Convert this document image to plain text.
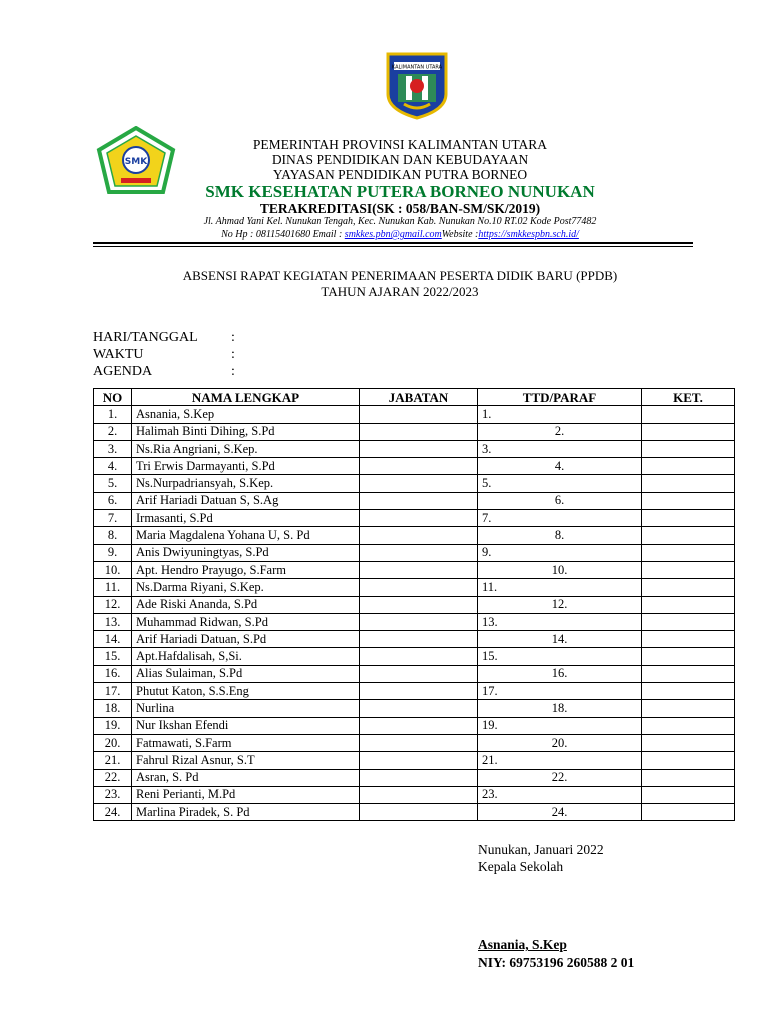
KALIMANTAN UTARA
SMK
PEMERINTAH PROVINSI KALIMANTAN UTARA
DINAS PENDIDIKAN DAN KEBUDAYAAN
YAYASAN PENDIDIKAN PUTRA BORNEO
SMK KESEHATAN PUTERA BORNEO NUNUKAN
TERAKREDITASI(SK : 058/BAN-SM/SK/2019)
Jl. Ahmad Yani Kel. Nunukan Tengah, Kec. Nunukan Kab. Nunukan No.10 RT.02 Kode Post77482
No Hp : 08115401680 Email : smkkes.pbn@gmail.comWebsite :https://smkkespbn.sch.id/
ABSENSI RAPAT KEGIATAN PENERIMAAN PESERTA DIDIK BARU (PPDB)
TAHUN AJARAN 2022/2023
HARI/TANGGAL :
WAKTU	:
AGENDA	:
NO	NAMA LENGKAP	JABATAN	TTD/PARAF	KET.
1.	Asnania, S.Kep		1.	
2.	Halimah Binti Dihing, S.Pd		2.	
3.	Ns.Ria Angriani, S.Kep.		3.	
4.	Tri Erwis Darmayanti, S.Pd		4.	
5.	Ns.Nurpadriansyah, S.Kep.		5.	
6.	Arif Hariadi Datuan S, S.Ag		6.	
7.	Irmasanti, S.Pd		7.	
8.	Maria Magdalena Yohana U, S. Pd		8.	
9.	Anis Dwiyuningtyas, S.Pd		9.	
10.	Apt. Hendro Prayugo, S.Farm		10.	
11.	Ns.Darma Riyani, S.Kep.		11.	
12.	Ade Riski Ananda, S.Pd		12.	
13.	Muhammad Ridwan, S.Pd		13.	
14.	Arif Hariadi Datuan, S.Pd		14.	
15.	Apt.Hafdalisah, S,Si.		15.	
16.	Alias Sulaiman, S.Pd		16.	
17.	Phutut Katon, S.S.Eng		17.	
18.	Nurlina		18.	
19.	Nur Ikshan Efendi		19.	
20.	Fatmawati, S.Farm		20.	
21.	Fahrul Rizal Asnur, S.T		21.	
22.	Asran, S. Pd		22.	
23.	Reni Perianti, M.Pd		23.	
24.	Marlina Piradek, S. Pd		24.	
Nunukan, Januari 2022
Kepala Sekolah
Asnania, S.Kep
NIY: 69753196 260588 2 01
